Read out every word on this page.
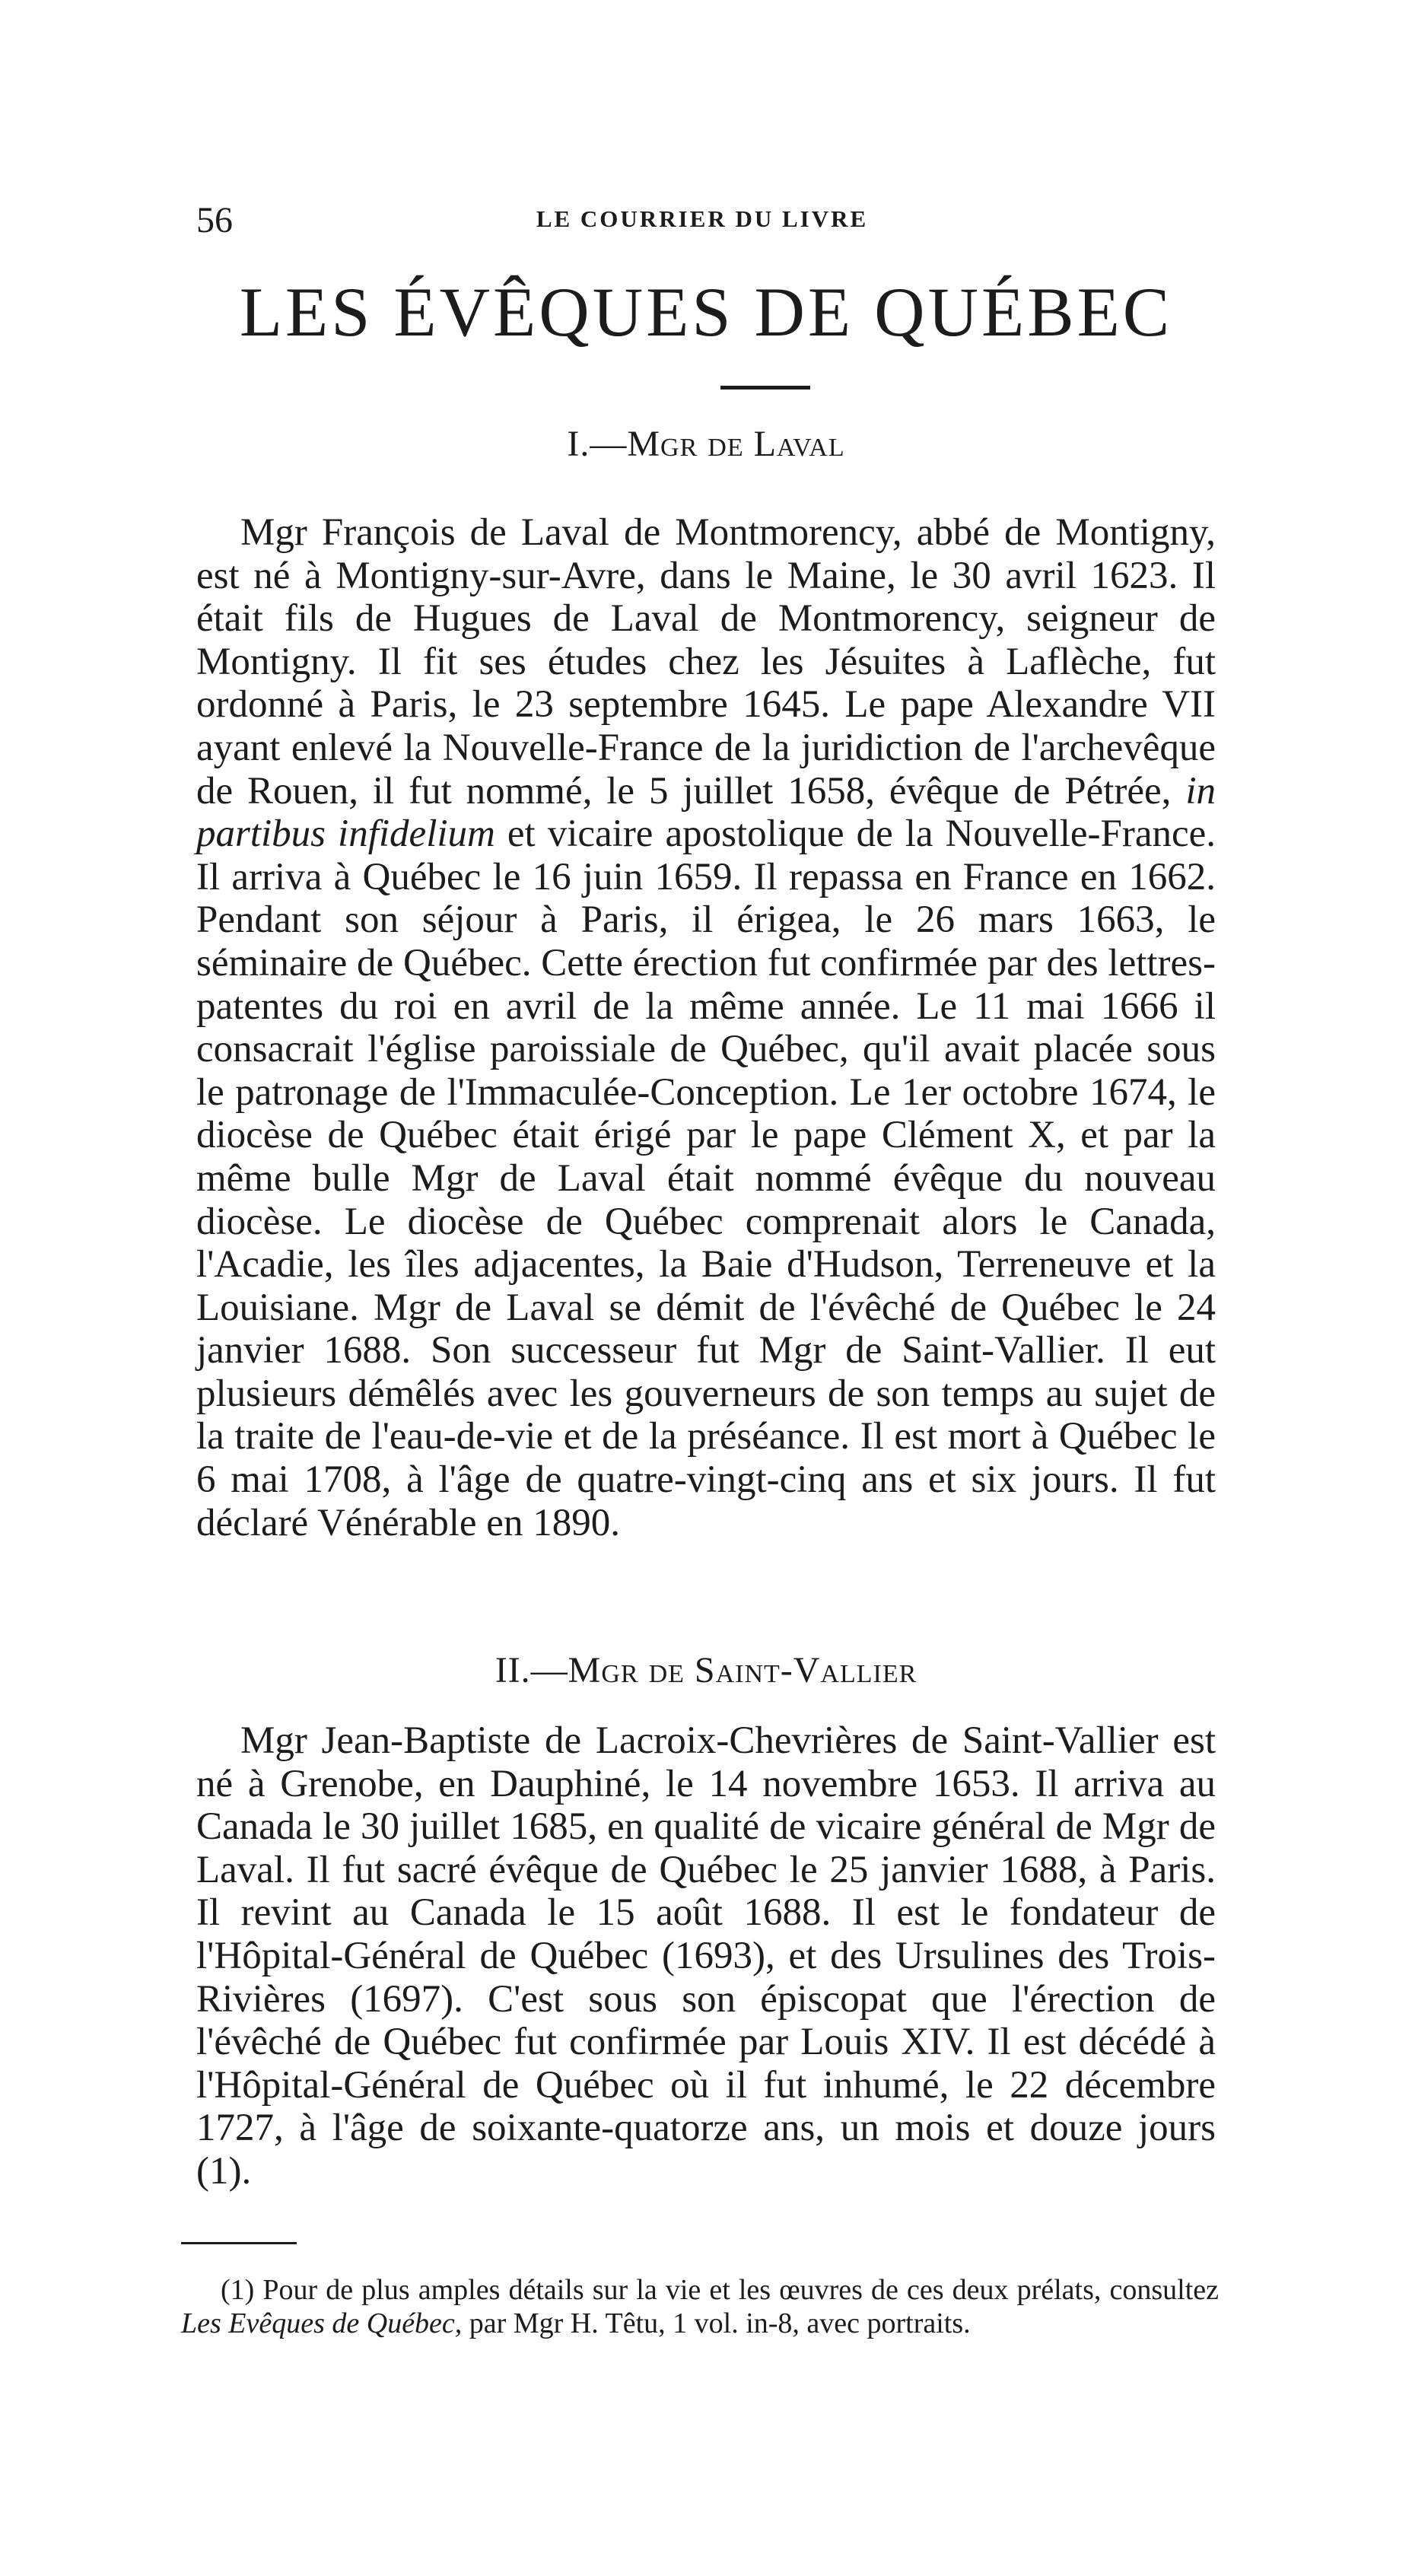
56	LE COURRIER DU LIVRE
LES ÉVÊQUES DE QUÉBEC
I.—Mgr de Laval

Mgr François de Laval de Montmorency, abbé de Montigny, est né à Montigny-sur-Avre, dans le Maine, le 30 avril 1623. Il était fils de Hugues de Laval de Montmorency, seigneur de Montigny. Il fit ses études chez les Jésuites à Laflèche, fut ordonné à Paris, le 23 septembre 1645. Le pape Alexandre VII ayant enlevé la Nouvelle-France de la juridiction de l'archevêque de Rouen, il fut nommé, le 5 juillet 1658, évêque de Pétrée, in partibus infidelium et vicaire apostolique de la Nouvelle-France. Il arriva à Québec le 16 juin 1659. Il repassa en France en 1662. Pendant son séjour à Paris, il érigea, le 26 mars 1663, le séminaire de Québec. Cette érection fut confirmée par des lettres-patentes du roi en avril de la même année. Le 11 mai 1666 il consacrait l'église paroissiale de Québec, qu'il avait placée sous le patronage de l'Immaculée-Conception. Le 1er octobre 1674, le diocèse de Québec était érigé par le pape Clément X, et par la même bulle Mgr de Laval était nommé évêque du nouveau diocèse. Le diocèse de Québec comprenait alors le Canada, l'Acadie, les îles adjacentes, la Baie d'Hudson, Terreneuve et la Louisiane. Mgr de Laval se démit de l'évêché de Québec le 24 janvier 1688. Son successeur fut Mgr de Saint-Vallier. Il eut plusieurs démêlés avec les gouverneurs de son temps au sujet de la traite de l'eau-de-vie et de la préséance. Il est mort à Québec le 6 mai 1708, à l'âge de quatre-vingt-cinq ans et six jours. Il fut déclaré Vénérable en 1890.

II.—Mgr de Saint-Vallier

Mgr Jean-Baptiste de Lacroix-Chevrières de Saint-Vallier est né à Grenobe, en Dauphiné, le 14 novembre 1653. Il arriva au Canada le 30 juillet 1685, en qualité de vicaire général de Mgr de Laval. Il fut sacré évêque de Québec le 25 janvier 1688, à Paris. Il revint au Canada le 15 août 1688. Il est le fondateur de l'Hôpital-Général de Québec (1693), et des Ursulines des Trois-Rivières (1697). C'est sous son épiscopat que l'érection de l'évêché de Québec fut confirmée par Louis XIV. Il est décédé à l'Hôpital-Général de Québec où il fut inhumé, le 22 décembre 1727, à l'âge de soixante-quatorze ans, un mois et douze jours (1).

(1) Pour de plus amples détails sur la vie et les œuvres de ces deux prélats, consultez Les Evêques de Québec, par Mgr H. Têtu, 1 vol. in-8, avec portraits.
